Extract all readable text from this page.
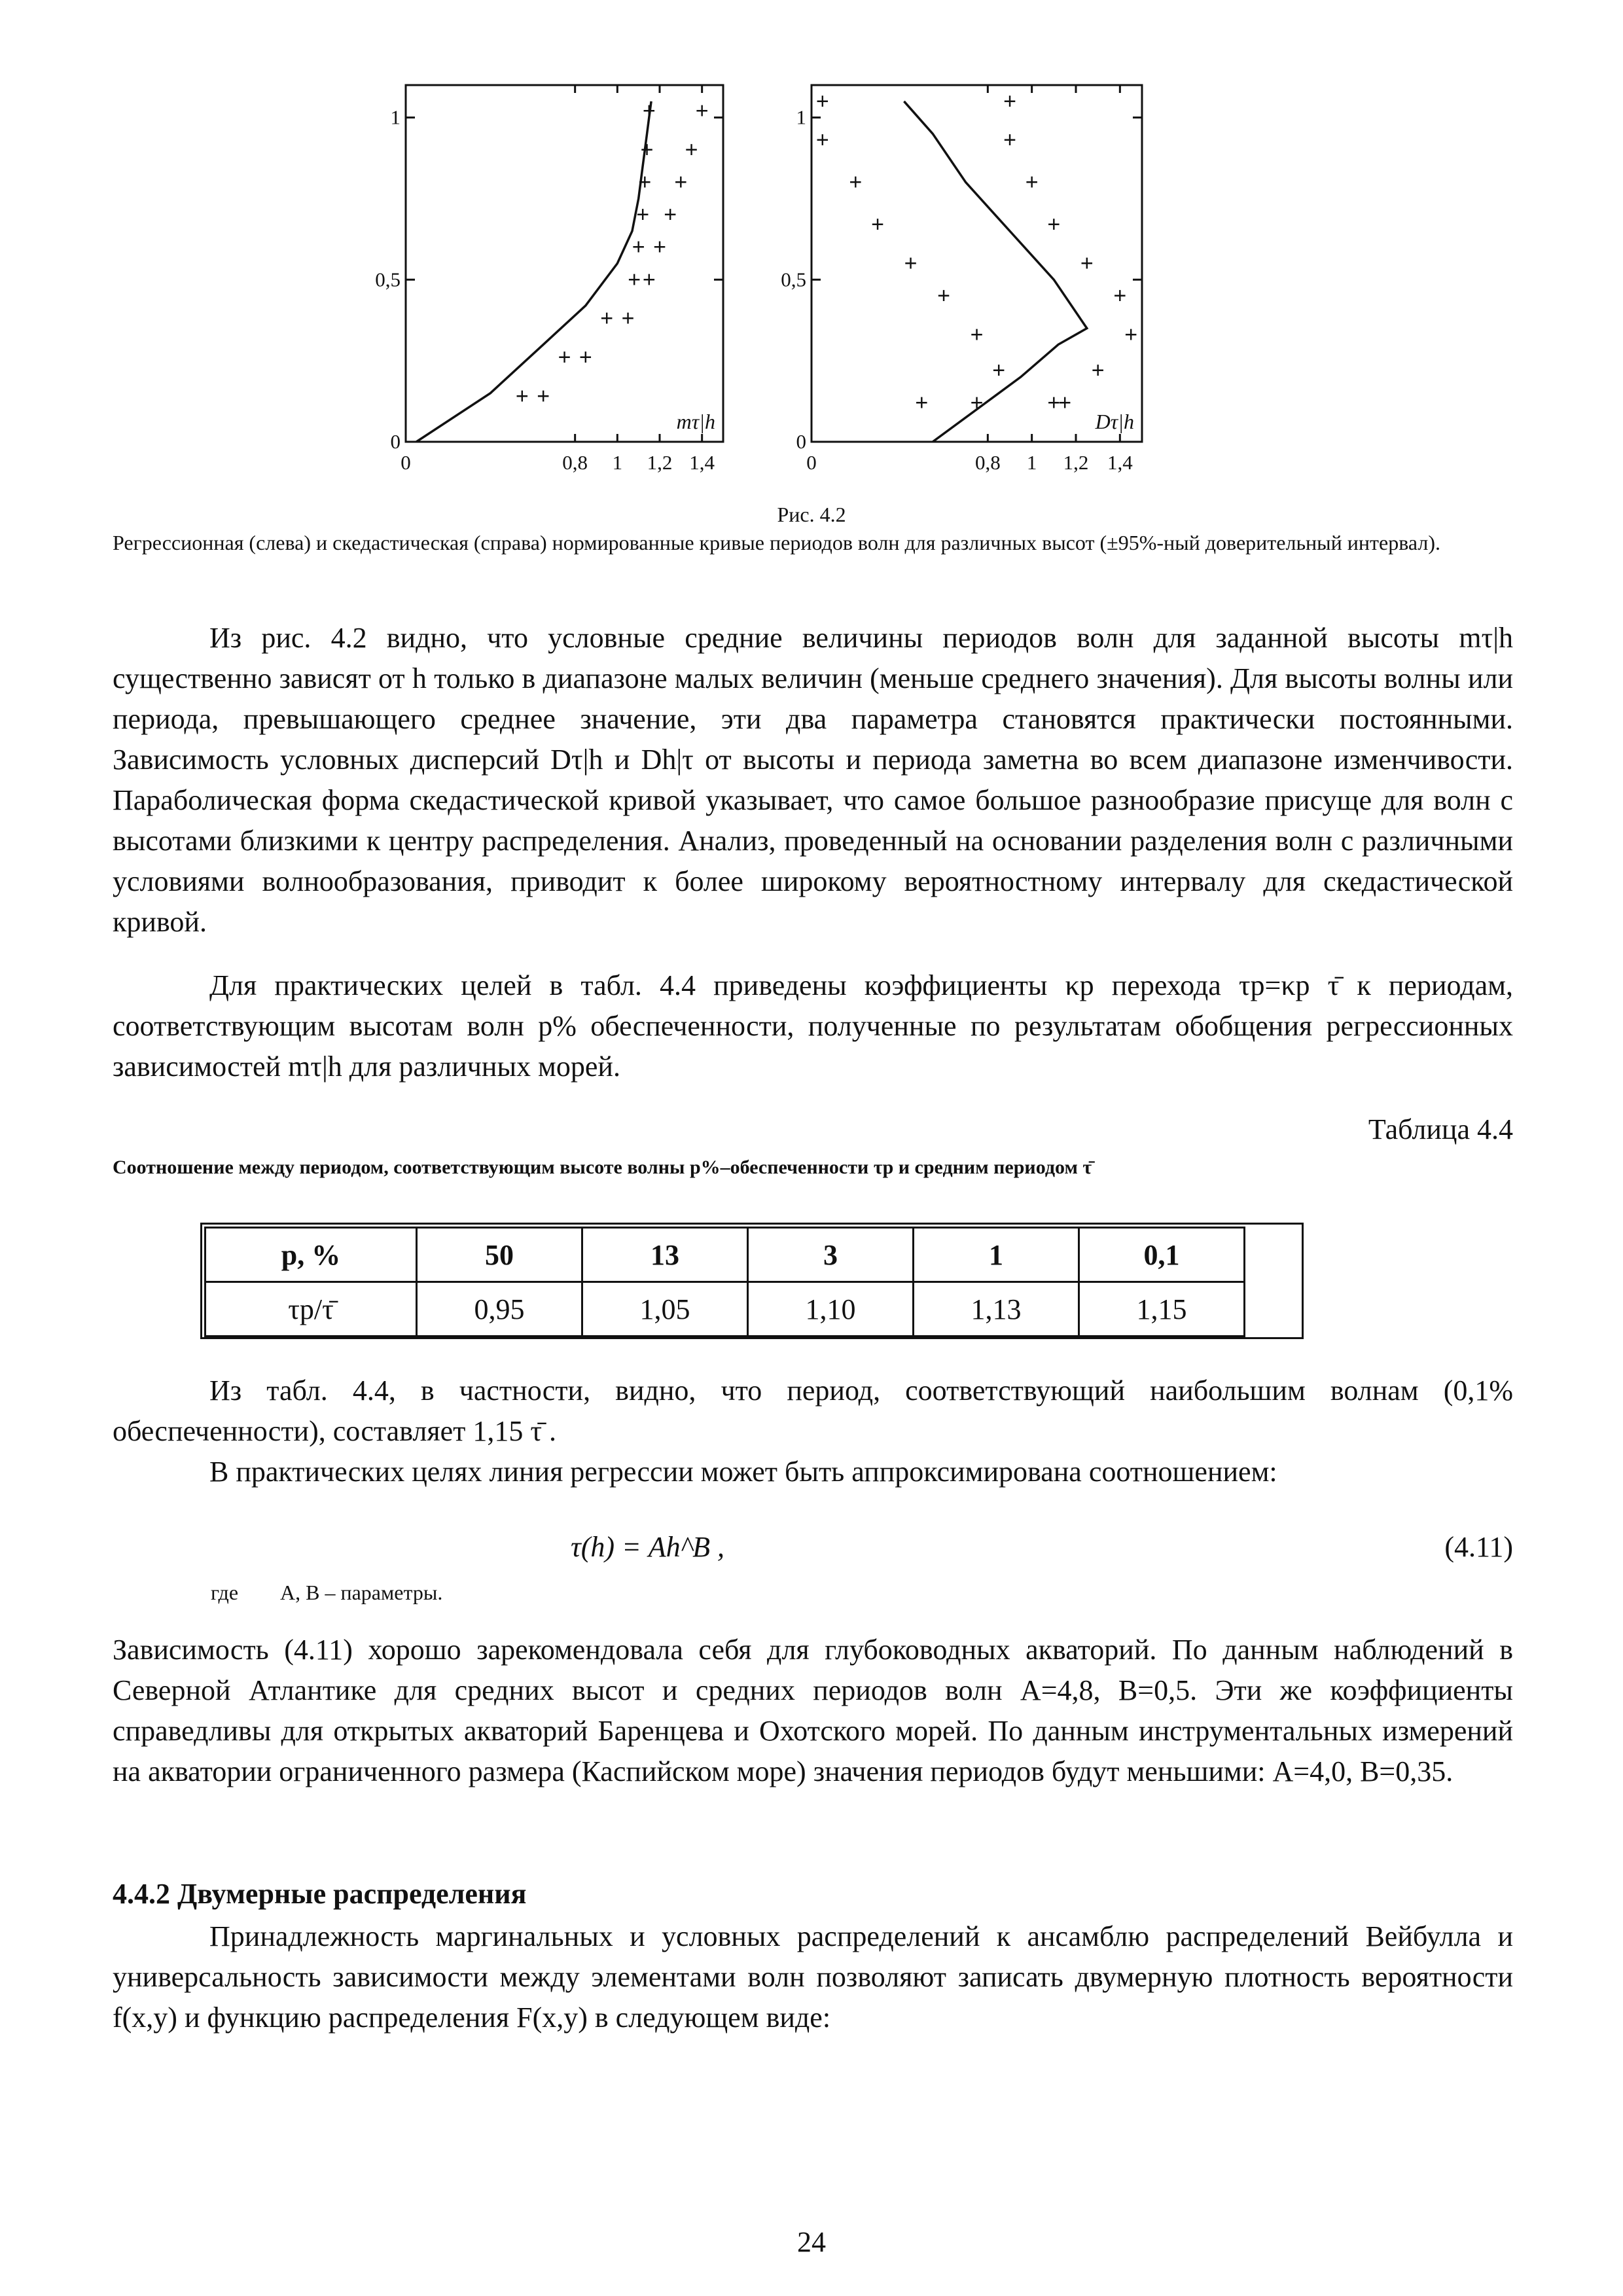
0	0,8 1 1,2 1,4
1
0,5
0
+
+
+
+
+
+
+
+
+
+
+
+
+
+
+
+
+
+
mτ|h
0	0,8 1 1,2 1,4
1
0,5
0
+
+
+
+
+
+
+
+
+
+
+
+
+
+
+
+
+
+
+
+
Dτ|h
Рис. 4.2
Регрессионная (слева) и скедастическая (справа) нормированные кривые периодов волн для различных высот (±95%-ный доверительный интервал).
Из рис. 4.2 видно, что условные средние величины периодов волн для заданной высоты mτ|h существенно зависят от h только в диапазоне малых величин (меньше среднего значения). Для высоты волны или периода, превышающего среднее значение, эти два параметра становятся практически постоянными. Зависимость условных дисперсий Dτ|h и Dh|τ от высоты и периода заметна во всем диапазоне изменчивости. Параболическая форма скедастической кривой указывает, что самое большое разнообразие присуще для волн с высотами близкими к центру распределения. Анализ, проведенный на основании разделения волн с различными условиями волнообразования, приводит к более широкому вероятностному интервалу для скедастической кривой.
Для практических целей в табл. 4.4 приведены коэффициенты κp перехода τp=κp τ̄ к периодам, соответствующим высотам волн p% обеспеченности, полученные по результатам обобщения регрессионных зависимостей mτ|h для различных морей.
Таблица 4.4
Соотношение между периодом, соответствующим высоте волны p%–обеспеченности τp и средним периодом τ̄
p, %	50	13	3	1	0,1
τp/τ̄	0,95	1,05	1,10	1,13	1,15
Из табл. 4.4, в частности, видно, что период, соответствующий наибольшим волнам (0,1% обеспеченности), составляет 1,15 τ̄ .
В практических целях линия регрессии может быть аппроксимирована соотношением:
τ(h) = Ah^B ,	(4.11)
где        A, B – параметры.
Зависимость (4.11) хорошо зарекомендовала себя для глубоководных акваторий. По данным наблюдений в Северной Атлантике для средних высот и средних периодов волн A=4,8, B=0,5. Эти же коэффициенты справедливы для открытых акваторий Баренцева и Охотского морей. По данным инструментальных измерений на акватории ограниченного размера (Каспийском море) значения периодов будут меньшими: A=4,0, B=0,35.
4.4.2 Двумерные распределения
Принадлежность маргинальных и условных распределений к ансамблю распределений Вейбулла и универсальность зависимости между элементами волн позволяют записать двумерную плотность вероятности f(x,y) и функцию распределения F(x,y) в следующем виде:
24
